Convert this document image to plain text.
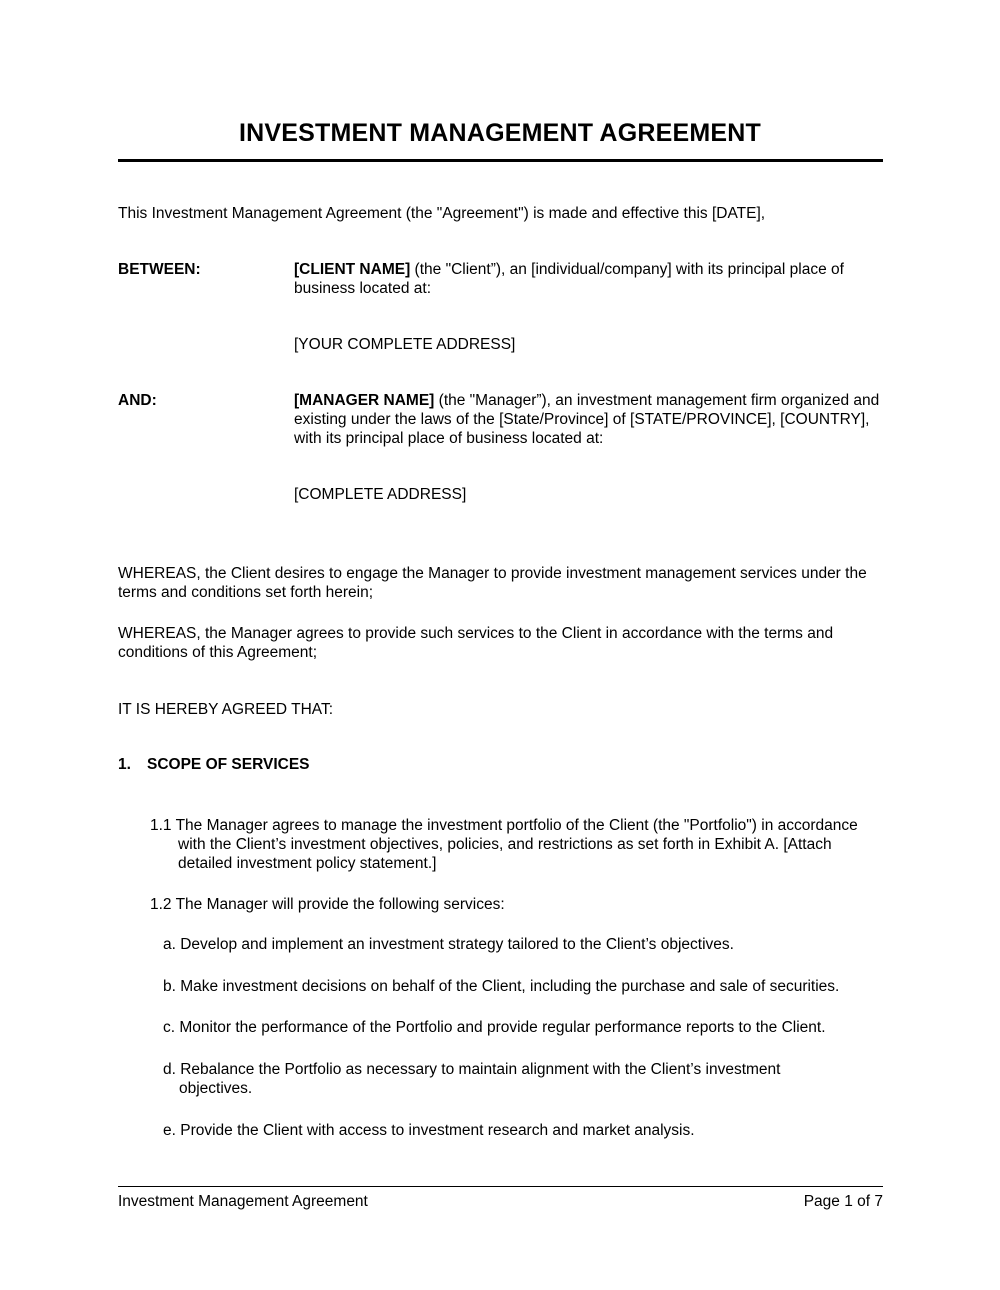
INVESTMENT MANAGEMENT AGREEMENT
This Investment Management Agreement (the "Agreement") is made and effective this [DATE],
BETWEEN:	[CLIENT NAME] (the "Client”), an [individual/company] with its principal place of business located at:
[YOUR COMPLETE ADDRESS]
AND:	[MANAGER NAME] (the "Manager”), an investment management firm organized and existing under the laws of the [State/Province] of [STATE/PROVINCE], [COUNTRY], with its principal place of business located at:
[COMPLETE ADDRESS]
WHEREAS, the Client desires to engage the Manager to provide investment management services under the terms and conditions set forth herein;
WHEREAS, the Manager agrees to provide such services to the Client in accordance with the terms and conditions of this Agreement;
IT IS HEREBY AGREED THAT:
1. SCOPE OF SERVICES
1.1 The Manager agrees to manage the investment portfolio of the Client (the "Portfolio") in accordance with the Client’s investment objectives, policies, and restrictions as set forth in Exhibit A. [Attach detailed investment policy statement.]
1.2 The Manager will provide the following services:
a. Develop and implement an investment strategy tailored to the Client’s objectives.
b. Make investment decisions on behalf of the Client, including the purchase and sale of securities.
c. Monitor the performance of the Portfolio and provide regular performance reports to the Client.
d. Rebalance the Portfolio as necessary to maintain alignment with the Client’s investment objectives.
e. Provide the Client with access to investment research and market analysis.
Investment Management Agreement	Page 1 of 7
